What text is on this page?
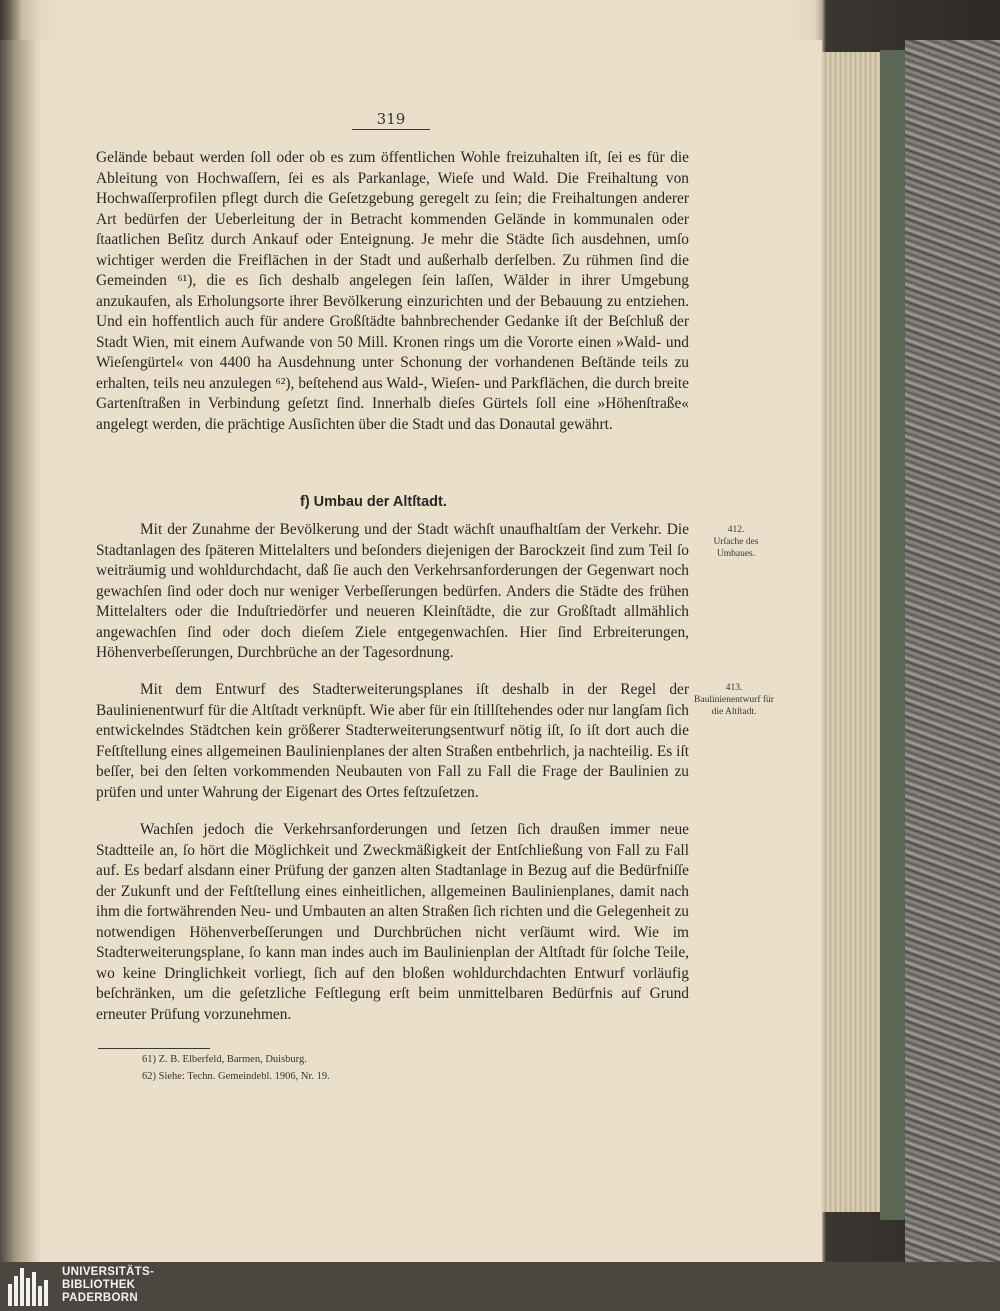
319

Gelände bebaut werden ſoll oder ob es zum öffentlichen Wohle freizuhalten iſt, ſei es für die Ableitung von Hochwaſſern, ſei es als Parkanlage, Wieſe und Wald. Die Freihaltung von Hochwaſſerprofilen pflegt durch die Geſetzgebung geregelt zu ſein; die Freihaltungen anderer Art bedürfen der Ueberleitung der in Betracht kommenden Gelände in kommunalen oder ſtaatlichen Beſitz durch Ankauf oder Enteignung. Je mehr die Städte ſich ausdehnen, umſo wichtiger werden die Freiflächen in der Stadt und außerhalb derſelben. Zu rühmen ſind die Gemeinden ⁶¹), die es ſich deshalb angelegen ſein laſſen, Wälder in ihrer Umgebung anzukaufen, als Erholungsorte ihrer Bevölkerung einzurichten und der Bebauung zu entziehen. Und ein hoffentlich auch für andere Großſtädte bahnbrechender Gedanke iſt der Beſchluß der Stadt Wien, mit einem Aufwande von 50 Mill. Kronen rings um die Vororte einen »Wald- und Wieſengürtel« von 4400 ha Ausdehnung unter Schonung der vorhandenen Beſtände teils zu erhalten, teils neu anzulegen ⁶²), beſtehend aus Wald-, Wieſen- und Parkflächen, die durch breite Gartenſtraßen in Verbindung geſetzt ſind. Innerhalb dieſes Gürtels ſoll eine »Höhenſtraße« angelegt werden, die prächtige Ausſichten über die Stadt und das Donautal gewährt.

f) Umbau der Altſtadt.

Mit der Zunahme der Bevölkerung und der Stadt wächſt unaufhaltſam der Verkehr. Die Stadtanlagen des ſpäteren Mittelalters und beſonders diejenigen der Barockzeit ſind zum Teil ſo weiträumig und wohldurchdacht, daß ſie auch den Verkehrsanforderungen der Gegenwart noch gewachſen ſind oder doch nur weniger Verbeſſerungen bedürfen. Anders die Städte des frühen Mittelalters oder die Induſtriedörfer und neueren Kleinſtädte, die zur Großſtadt allmählich angewachſen ſind oder doch dieſem Ziele entgegenwachſen. Hier ſind Erbreiterungen, Höhenverbeſſerungen, Durchbrüche an der Tagesordnung.

Mit dem Entwurf des Stadterweiterungsplanes iſt deshalb in der Regel der Baulinienentwurf für die Altſtadt verknüpft. Wie aber für ein ſtillſtehendes oder nur langſam ſich entwickelndes Städtchen kein größerer Stadterweiterungsentwurf nötig iſt, ſo iſt dort auch die Feſtſtellung eines allgemeinen Baulinienplanes der alten Straßen entbehrlich, ja nachteilig. Es iſt beſſer, bei den ſelten vorkommenden Neubauten von Fall zu Fall die Frage der Baulinien zu prüfen und unter Wahrung der Eigenart des Ortes feſtzuſetzen.

Wachſen jedoch die Verkehrsanforderungen und ſetzen ſich draußen immer neue Stadtteile an, ſo hört die Möglichkeit und Zweckmäßigkeit der Entſchließung von Fall zu Fall auf. Es bedarf alsdann einer Prüfung der ganzen alten Stadtanlage in Bezug auf die Bedürfniſſe der Zukunft und der Feſtſtellung eines einheitlichen, allgemeinen Baulinienplanes, damit nach ihm die fortwährenden Neu- und Umbauten an alten Straßen ſich richten und die Gelegenheit zu notwendigen Höhenverbeſſerungen und Durchbrüchen nicht verſäumt wird. Wie im Stadterweiterungsplane, ſo kann man indes auch im Baulinienplan der Altſtadt für ſolche Teile, wo keine Dringlichkeit vorliegt, ſich auf den bloßen wohldurchdachten Entwurf vorläufig beſchränken, um die geſetzliche Feſtlegung erſt beim unmittelbaren Bedürfnis auf Grund erneuter Prüfung vorzunehmen.

412.
Urſache des Umbaues.
413.
Baulinienentwurf für die Altſtadt.
61) Z. B. Elberfeld, Barmen, Duisburg.
62) Siehe: Techn. Gemeindebl. 1906, Nr. 19.
UNIVERSITÄTS-
BIBLIOTHEK
PADERBORN
